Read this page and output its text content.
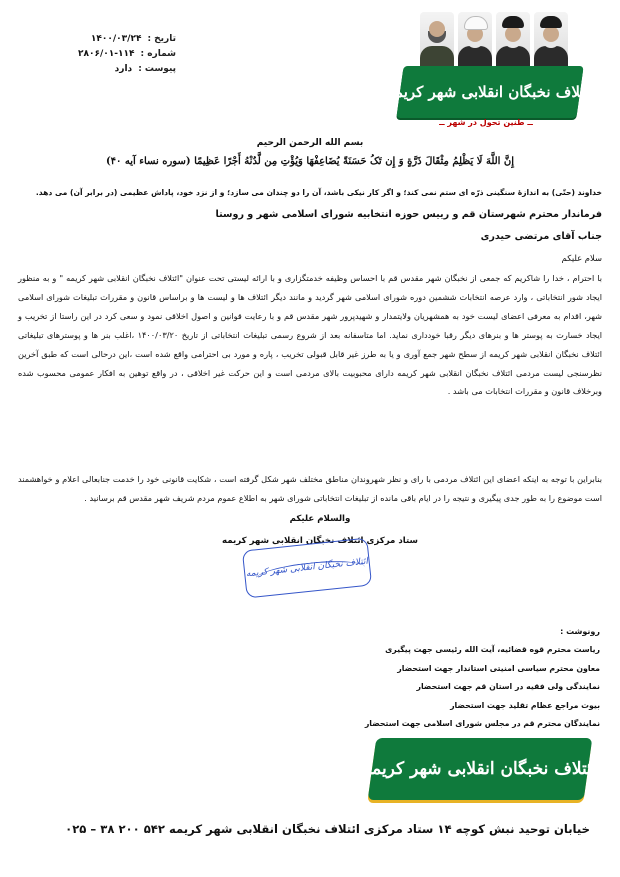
تاریخ :
۱۴۰۰/۰۳/۲۴
شماره :
۲۸۰۶/۰۱-۱۱۴
پیوست :
دارد
ائتلاف نخبگان انقلابی شهر کریمه
ــ طنین تحول در شهر ــ
بسم الله الرحمن الرحیم
إِنَّ اللَّهَ لَا یَظْلِمُ مِثْقَالَ ذَرَّةٍ وَ إِن تَکُ حَسَنَةً یُضَاعِفْهَا وَیُؤْتِ مِن لَّدُنْهُ أَجْرًا عَظِیمًا (سوره نساء آیه ۴۰)
خداوند (حتّی) به اندازهٔ سنگینی ذرّه ای ستم نمی کند؛ و اگر کار نیکی باشد، آن را دو چندان می سازد؛ و از نزد خود، پاداش عظیمی (در برابر آن) می دهد.
فرماندار محترم شهرستان قم و رییس حوزه انتخابیه شورای اسلامی شهر و روستا
جناب آقای مرتضی حیدری
سلام علیکم
با احترام ، خدا را شاکریم که جمعی از نخبگان شهر مقدس قم با احساس وظیفه خدمتگزاری و با ارائه لیستی تحت عنوان "ائتلاف نخبگان انقلابی شهر کریمه " و به منظور ایجاد شور انتخاباتی ، وارد عرصه انتخابات ششمین دوره شورای اسلامی شهر گردید و مانند دیگر ائتلاف ها و لیست ها و براساس قانون و مقررات تبلیغات شورای اسلامی شهر، اقدام به معرفی اعضای لیست خود به همشهریان ولایتمدار و شهیدپرور شهر مقدس قم و با رعایت قوانین و اصول اخلاقی نمود و سعی کرد در این راستا از تخریب و ایجاد خسارت به پوستر ها و بنرهای دیگر رقبا خودداری نماید. اما متاسفانه بعد از شروع رسمی تبلیغات انتخاباتی از تاریخ ۱۴۰۰/۰۳/۲۰ ،اغلب بنر ها و پوسترهای تبلیغاتی ائتلاف نخبگان انقلابی شهر کریمه از سطح شهر جمع آوری و یا به طرز غیر قابل قبولی تخریب ، پاره و مورد بی احترامی واقع شده است ،این درحالی است که طبق آخرین نظرسنجی لیست مردمی ائتلاف نخبگان انقلابی شهر کریمه دارای محبوبیت بالای مردمی است و این حرکت غیر اخلاقی ، در واقع توهین به افکار عمومی محسوب شده وبرخلاف قانون و مقررات انتخابات می باشد .
بنابراین با توجه به اینکه اعضای این ائتلاف مردمی با رای و نظر شهروندان مناطق مختلف شهر شکل گرفته است ، شکایت قانونی خود را خدمت جنابعالی اعلام و خواهشمند است موضوع را به طور جدی پیگیری و نتیجه را در ایام باقی مانده از تبلیغات انتخاباتی شورای شهر به اطلاع عموم مردم شریف شهر مقدس قم برسانید .
والسلام علیکم
ستاد مرکزی ائتلاف نخبگان انقلابی شهر کریمه
ائتلاف نخبگان انقلابی شهر کریمه
رونوشت :
ریاست محترم قوه قضائیه، آیت الله رئیسی جهت پیگیری
معاون محترم سیاسی امنیتی استاندار جهت استحضار
نمایندگی ولی فقیه در استان قم جهت استحضار
بیوت مراجع عظام تقلید جهت استحضار
نمایندگان محترم قم در مجلس شورای اسلامی جهت استحضار
ائتلاف نخبگان انقلابی شهر کریمه
خیابان توحید نبش کوچه ۱۴ ستاد مرکزی ائتلاف نخبگان انقلابی شهر کریمه ۵۴۲ ۲۰۰ ۳۸ – ۰۲۵
